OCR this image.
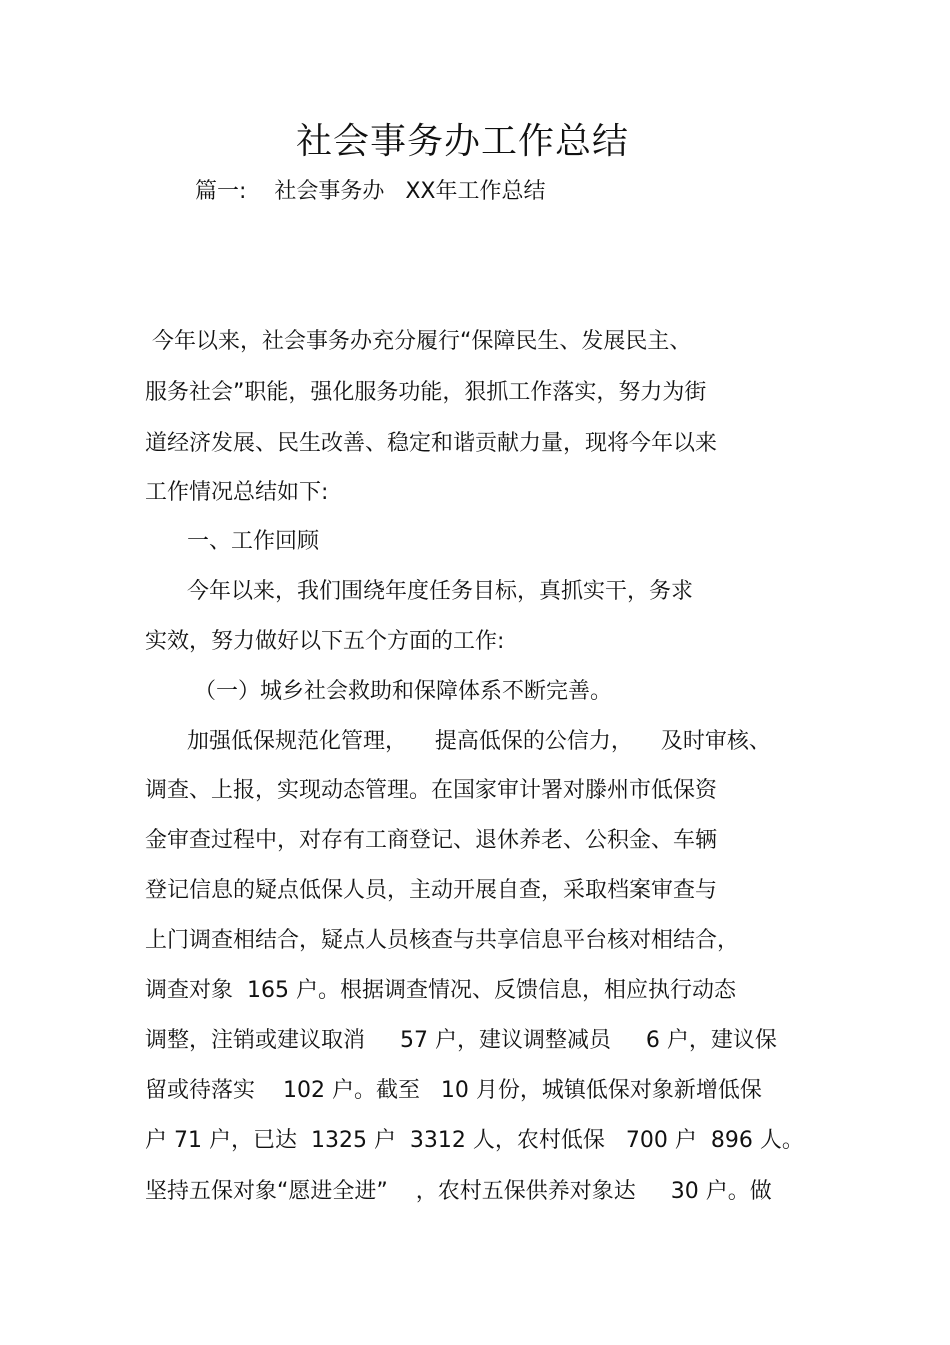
社会事务办工作总结

篇一:    社会事务办   XX年工作总结

今年以来，社会事务办充分履行“保障民生、发展民主、

服务社会”职能，强化服务功能，狠抓工作落实，努力为街

道经济发展、民生改善、稳定和谐贡献力量，现将今年以来

工作情况总结如下:

一、工作回顾

今年以来，我们围绕年度任务目标，真抓实干，务求

实效，努力做好以下五个方面的工作:

（一）城乡社会救助和保障体系不断完善。

加强低保规范化管理，    提高低保的公信力，    及时审核、

调查、上报，实现动态管理。在国家审计署对滕州市低保资

金审查过程中，对存有工商登记、退休养老、公积金、车辆

登记信息的疑点低保人员，主动开展自查，采取档案审查与

上门调查相结合，疑点人员核查与共享信息平台核对相结合，

调查对象  165 户。根据调查情况、反馈信息，相应执行动态

调整，注销或建议取消     57 户，建议调整减员     6 户，建议保

留或待落实    102 户。截至   10 月份，城镇低保对象新增低保

户 71 户，已达  1325 户  3312 人，农村低保   700 户  896 人。

坚持五保对象“愿进全进”    ，农村五保供养对象达     30 户。做
